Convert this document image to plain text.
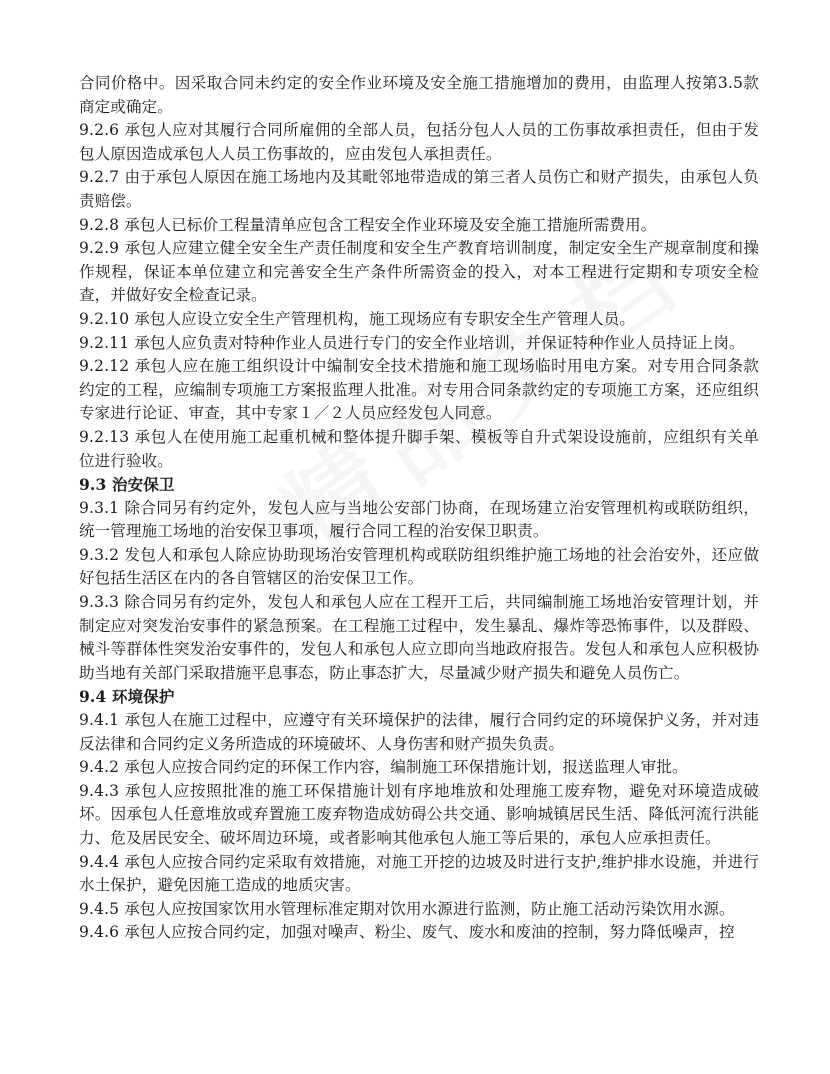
合同价格中。因采取合同未约定的安全作业环境及安全施工措施增加的费用，由监理人按第3.5款商定或确定。

9.2.6 承包人应对其履行合同所雇佣的全部人员，包括分包人人员的工伤事故承担责任，但由于发包人原因造成承包人人员工伤事故的，应由发包人承担责任。

9.2.7 由于承包人原因在施工场地内及其毗邻地带造成的第三者人员伤亡和财产损失，由承包人负责赔偿。

9.2.8 承包人已标价工程量清单应包含工程安全作业环境及安全施工措施所需费用。

9.2.9 承包人应建立健全安全生产责任制度和安全生产教育培训制度，制定安全生产规章制度和操作规程，保证本单位建立和完善安全生产条件所需资金的投入，对本工程进行定期和专项安全检查，并做好安全检查记录。

9.2.10 承包人应设立安全生产管理机构，施工现场应有专职安全生产管理人员。

9.2.11 承包人应负责对特种作业人员进行专门的安全作业培训，并保证特种作业人员持证上岗。

9.2.12 承包人应在施工组织设计中编制安全技术措施和施工现场临时用电方案。对专用合同条款约定的工程，应编制专项施工方案报监理人批准。对专用合同条款约定的专项施工方案，还应组织专家进行论证、审查，其中专家１／２人员应经发包人同意。

9.2.13 承包人在使用施工起重机械和整体提升脚手架、模板等自升式架设设施前，应组织有关单位进行验收。

9.3 治安保卫

9.3.1 除合同另有约定外，发包人应与当地公安部门协商，在现场建立治安管理机构或联防组织，统一管理施工场地的治安保卫事项，履行合同工程的治安保卫职责。

9.3.2 发包人和承包人除应协助现场治安管理机构或联防组织维护施工场地的社会治安外，还应做好包括生活区在内的各自管辖区的治安保卫工作。

9.3.3 除合同另有约定外，发包人和承包人应在工程开工后，共同编制施工场地治安管理计划，并制定应对突发治安事件的紧急预案。在工程施工过程中，发生暴乱、爆炸等恐怖事件，以及群殴、械斗等群体性突发治安事件的，发包人和承包人应立即向当地政府报告。发包人和承包人应积极协助当地有关部门采取措施平息事态，防止事态扩大，尽量减少财产损失和避免人员伤亡。

9.4 环境保护

9.4.1 承包人在施工过程中，应遵守有关环境保护的法律，履行合同约定的环境保护义务，并对违反法律和合同约定义务所造成的环境破坏、人身伤害和财产损失负责。

9.4.2 承包人应按合同约定的环保工作内容，编制施工环保措施计划，报送监理人审批。

9.4.3 承包人应按照批准的施工环保措施计划有序地堆放和处理施工废弃物，避免对环境造成破坏。因承包人任意堆放或弃置施工废弃物造成妨碍公共交通、影响城镇居民生活、降低河流行洪能力、危及居民安全、破坏周边环境，或者影响其他承包人施工等后果的，承包人应承担责任。

9.4.4 承包人应按合同约定采取有效措施，对施工开挖的边坡及时进行支护,维护排水设施，并进行水土保护，避免因施工造成的地质灾害。

9.4.5 承包人应按国家饮用水管理标准定期对饮用水源进行监测，防止施工活动污染饮用水源。

9.4.6 承包人应按合同约定，加强对噪声、粉尘、废气、废水和废油的控制，努力降低噪声，控
